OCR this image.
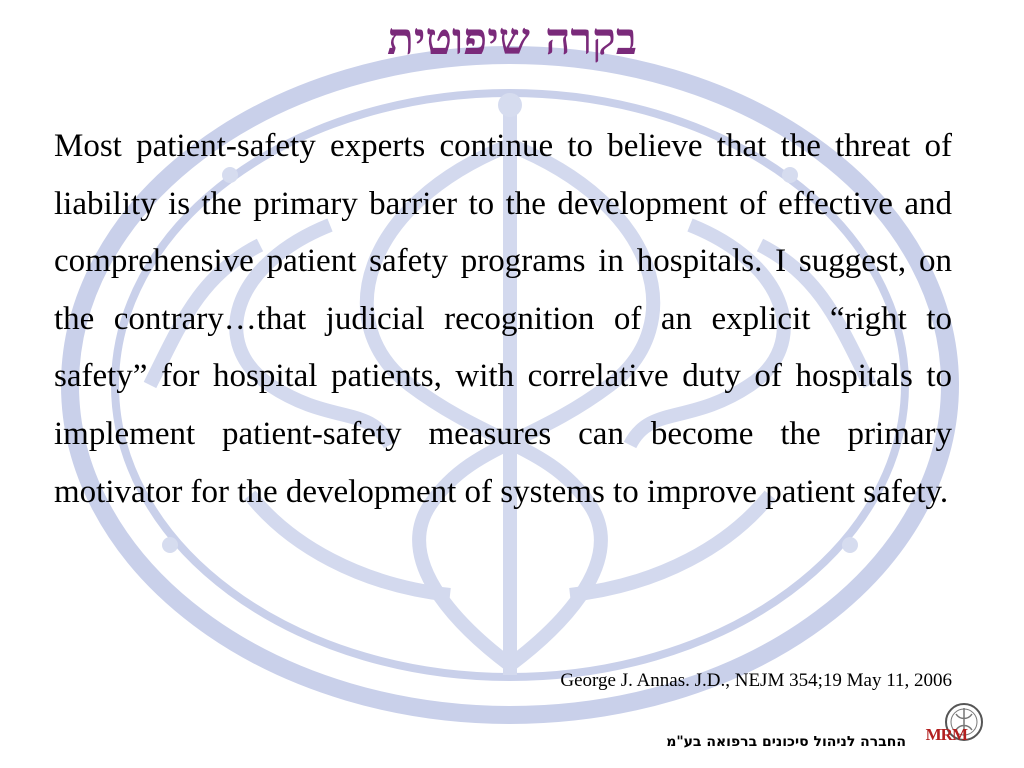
בקרה שיפוטית

Most patient-safety experts continue to believe that the threat of liability is the primary barrier to the development of effective and comprehensive patient safety programs in hospitals. I suggest, on the contrary…that judicial recognition of an explicit “right to safety” for hospital patients, with correlative duty of hospitals to implement patient-safety measures can become the primary motivator for the development of systems to improve patient safety.

George J. Annas. J.D., NEJM 354;19 May 11, 2006
החברה לניהול סיכונים ברפואה בע"מ MRM
